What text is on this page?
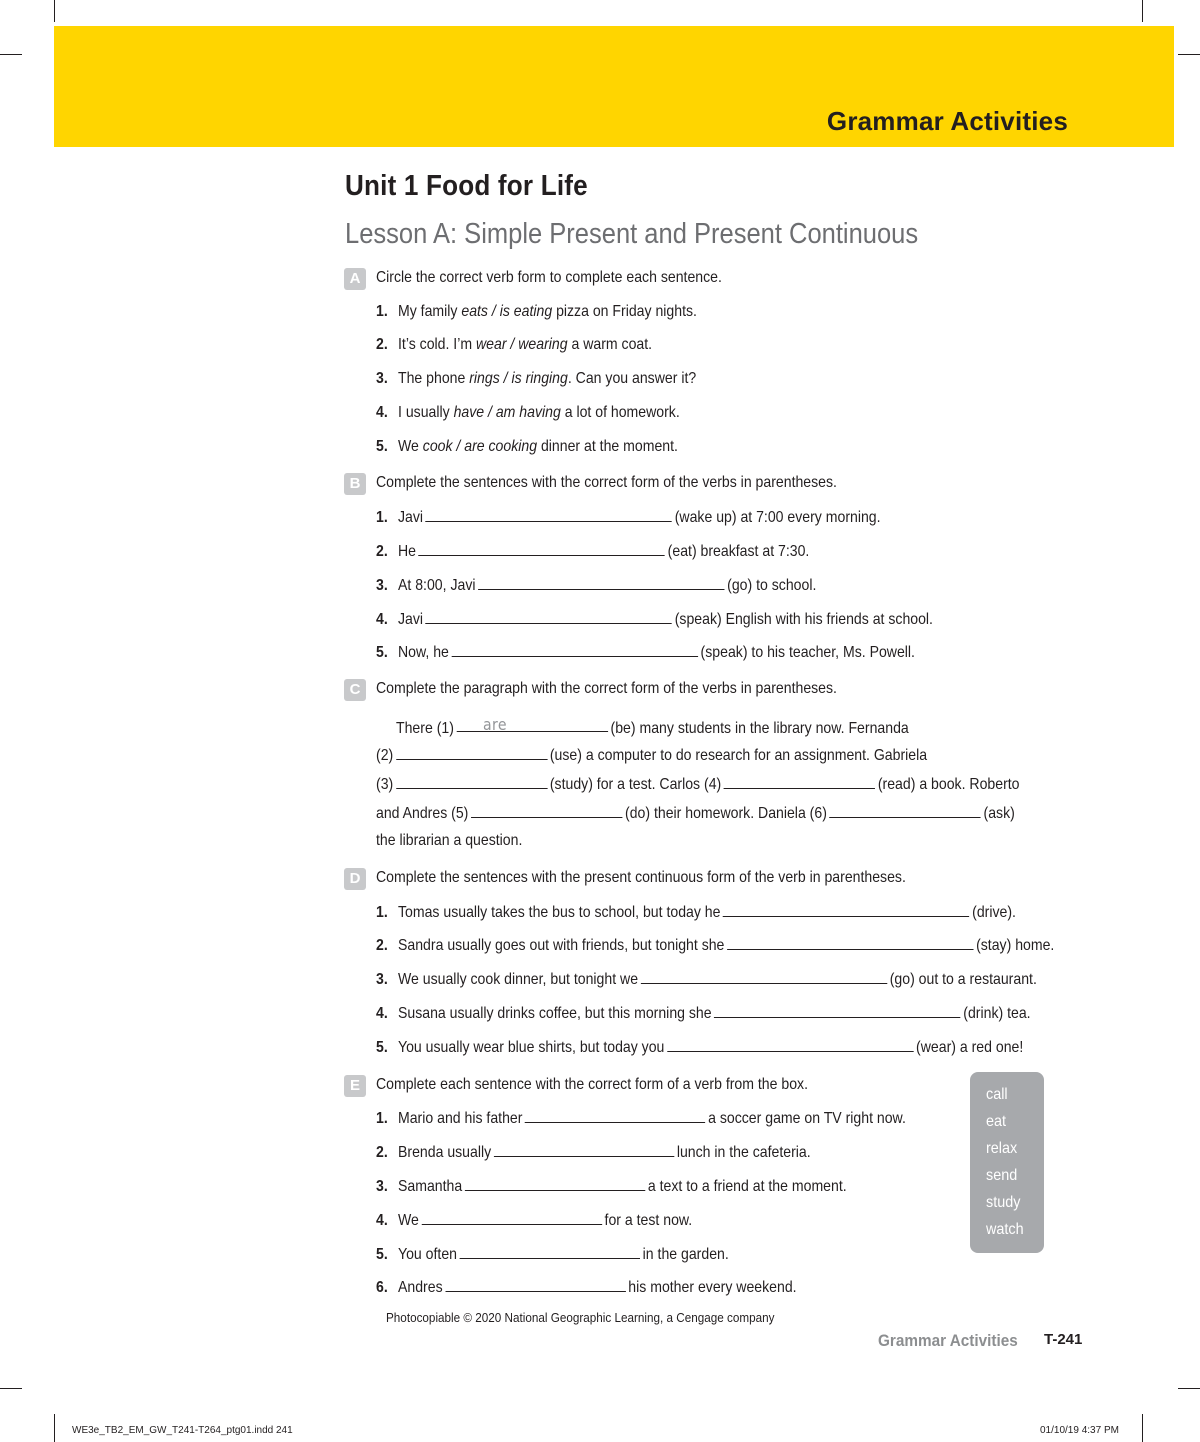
Grammar Activities
Unit 1 Food for Life
Lesson A: Simple Present and Present Continuous
A Circle the correct verb form to complete each sentence.
1. My family eats / is eating pizza on Friday nights.
2. It’s cold. I’m wear / wearing a warm coat.
3. The phone rings / is ringing. Can you answer it?
4. I usually have / am having a lot of homework.
5. We cook / are cooking dinner at the moment.
B Complete the sentences with the correct form of the verbs in parentheses.
1. Javi	(wake up) at 7:00 every morning.
2. He	(eat) breakfast at 7:30.
3. At 8:00, Javi	(go) to school.
4. Javi	(speak) English with his friends at school.
5. Now, he	(speak) to his teacher, Ms. Powell.
C Complete the paragraph with the correct form of the verbs in parentheses.
There (1) are	(be) many students in the library now. Fernanda
(2)	(use) a computer to do research for an assignment. Gabriela
(3)	(study) for a test. Carlos (4)	(read) a book. Roberto
and Andres (5)	(do) their homework. Daniela (6)	(ask)
the librarian a question.
D Complete the sentences with the present continuous form of the verb in parentheses.
1. Tomas usually takes the bus to school, but today he	(drive).
2. Sandra usually goes out with friends, but tonight she	(stay) home.
3. We usually cook dinner, but tonight we	(go) out to a restaurant.
4. Susana usually drinks coffee, but this morning she	(drink) tea.
5. You usually wear blue shirts, but today you	(wear) a red one!
E	Complete each sentence with the correct form of a verb from the box.
1. Mario and his father	a soccer game on TV right now.
2. Brenda usually	lunch in the cafeteria.
3. Samantha	a text to a friend at the moment.
4. We	for a test now.
5. You often	in the garden.
6. Andres	his mother every weekend.
call
eat
relax
send
study
watch
Photocopiable © 2020 National Geographic Learning, a Cengage company
Grammar Activities T-241
WE3e_TB2_EM_GW_T241-T264_ptg01.indd 241	01/10/19 4:37 PM
